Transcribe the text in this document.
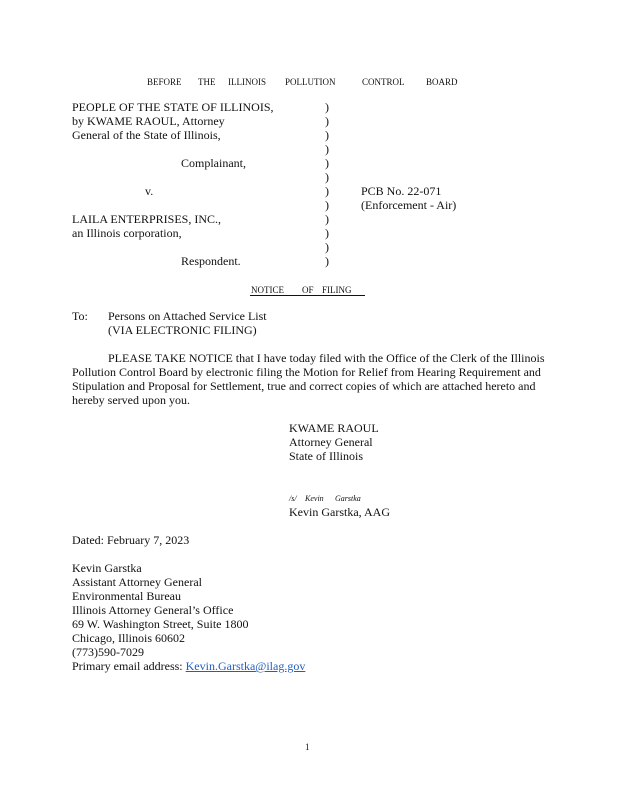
BEFORE THE ILLINOIS POLLUTION	CONTROL BOARD
PEOPLE OF THE STATE OF ILLINOIS,
by KWAME RAOUL, Attorney
General of the State of Illinois,
Complainant,
v.
LAILA ENTERPRISES, INC.,
an Illinois corporation,
Respondent.
)
)
)
)
)
)
)
)
)
)
)
)
PCB No. 22-071
(Enforcement - Air)
NOTICE OF FILING
To: Persons on Attached Service List
(VIA ELECTRONIC FILING)
PLEASE TAKE NOTICE that I have today filed with the Office of the Clerk of the Illinois
Pollution Control Board by electronic filing the Motion for Relief from Hearing Requirement and
Stipulation and Proposal for Settlement, true and correct copies of which are attached hereto and
hereby served upon you.
KWAME RAOUL
Attorney General
State of Illinois
/s/ Kevin Garstka
Kevin Garstka, AAG
Dated: February 7, 2023
Kevin Garstka
Assistant Attorney General
Environmental Bureau
Illinois Attorney General’s Office
69 W. Washington Street, Suite 1800
Chicago, Illinois 60602
(773)590-7029
Primary email address: Kevin.Garstka@ilag.gov
1
